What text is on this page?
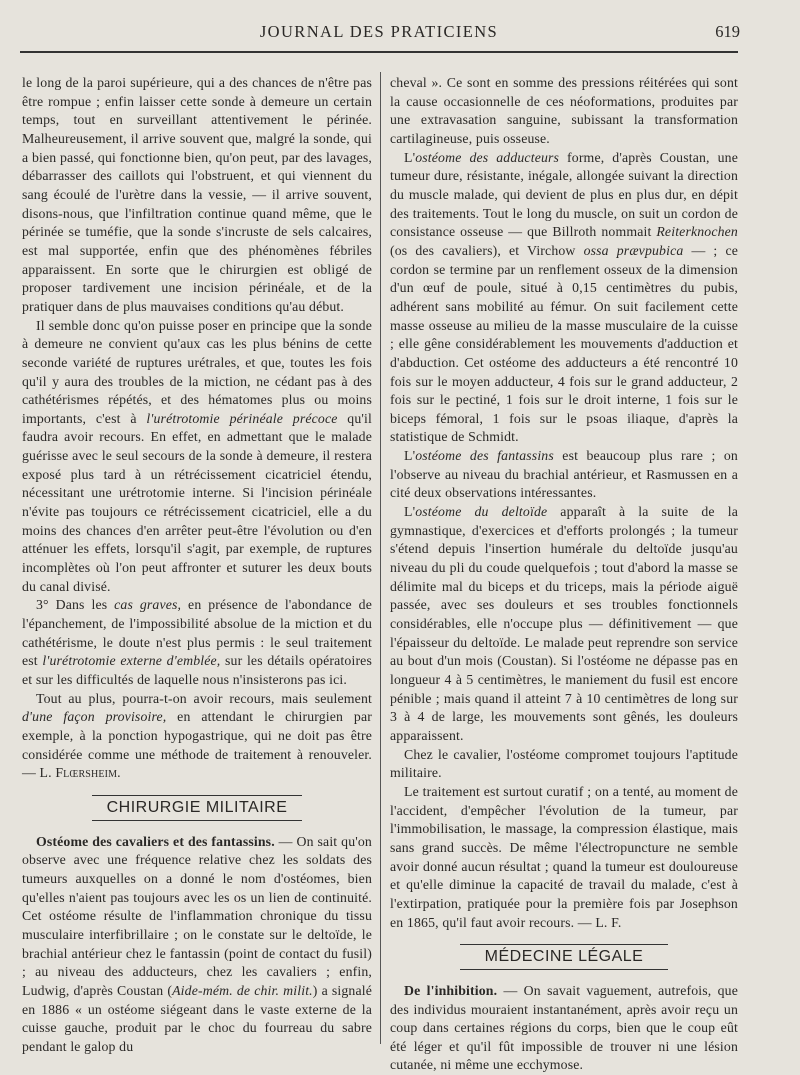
JOURNAL DES PRATICIENS	619

le long de la paroi supérieure, qui a des chances de n'être pas être rompue ; enfin laisser cette sonde à demeure un certain temps, tout en surveillant attentivement le périnée. Malheureusement, il arrive souvent que, malgré la sonde, qui a bien passé, qui fonctionne bien, qu'on peut, par des lavages, débarrasser des caillots qui l'obstruent, et qui viennent du sang écoulé de l'urètre dans la vessie, — il arrive souvent, disons-nous, que l'infiltration continue quand même, que le périnée se tuméfie, que la sonde s'incruste de sels calcaires, est mal supportée, enfin que des phénomènes fébriles apparaissent. En sorte que le chirurgien est obligé de proposer tardivement une incision périnéale, et de la pratiquer dans de plus mauvaises conditions qu'au début.

Il semble donc qu'on puisse poser en principe que la sonde à demeure ne convient qu'aux cas les plus bénins de cette seconde variété de ruptures urétrales, et que, toutes les fois qu'il y aura des troubles de la miction, ne cédant pas à des cathétérismes répétés, et des hématomes plus ou moins importants, c'est à l'urétrotomie périnéale précoce qu'il faudra avoir recours. En effet, en admettant que le malade guérisse avec le seul secours de la sonde à demeure, il restera exposé plus tard à un rétrécissement cicatriciel étendu, nécessitant une urétrotomie interne. Si l'incision périnéale n'évite pas toujours ce rétrécissement cicatriciel, elle a du moins des chances d'en arrêter peut-être l'évolution ou d'en atténuer les effets, lorsqu'il s'agit, par exemple, de ruptures incomplètes où l'on peut affronter et suturer les deux bouts du canal divisé.

3° Dans les cas graves, en présence de l'abondance de l'épanchement, de l'impossibilité absolue de la miction et du cathétérisme, le doute n'est plus permis : le seul traitement est l'urétrotomie externe d'emblée, sur les détails opératoires et sur les difficultés de laquelle nous n'insisterons pas ici.

Tout au plus, pourra-t-on avoir recours, mais seulement d'une façon provisoire, en attendant le chirurgien par exemple, à la ponction hypogastrique, qui ne doit pas être considérée comme une méthode de traitement à renouveler. — L. Flœrsheim.

CHIRURGIE MILITAIRE

Ostéome des cavaliers et des fantassins. — On sait qu'on observe avec une fréquence relative chez les soldats des tumeurs auxquelles on a donné le nom d'ostéomes, bien qu'elles n'aient pas toujours avec les os un lien de continuité. Cet ostéome résulte de l'inflammation chronique du tissu musculaire interfibrillaire ; on le constate sur le deltoïde, le brachial antérieur chez le fantassin (point de contact du fusil) ; au niveau des adducteurs, chez les cavaliers ; enfin, Ludwig, d'après Coustan (Aide-mém. de chir. milit.) a signalé en 1886 « un ostéome siégeant dans le vaste externe de la cuisse gauche, produit par le choc du fourreau du sabre pendant le galop du

cheval ». Ce sont en somme des pressions réitérées qui sont la cause occasionnelle de ces néoformations, produites par une extravasation sanguine, subissant la transformation cartilagineuse, puis osseuse.

L'ostéome des adducteurs forme, d'après Coustan, une tumeur dure, résistante, inégale, allongée suivant la direction du muscle malade, qui devient de plus en plus dur, en dépit des traitements. Tout le long du muscle, on suit un cordon de consistance osseuse — que Billroth nommait Reiterknochen (os des cavaliers), et Virchow ossa prævpubica — ; ce cordon se termine par un renflement osseux de la dimension d'un œuf de poule, situé à 0,15 centimètres du pubis, adhérent sans mobilité au fémur. On suit facilement cette masse osseuse au milieu de la masse musculaire de la cuisse ; elle gêne considérablement les mouvements d'adduction et d'abduction. Cet ostéome des adducteurs a été rencontré 10 fois sur le moyen adducteur, 4 fois sur le grand adducteur, 2 fois sur le pectiné, 1 fois sur le droit interne, 1 fois sur le biceps fémoral, 1 fois sur le psoas iliaque, d'après la statistique de Schmidt.

L'ostéome des fantassins est beaucoup plus rare ; on l'observe au niveau du brachial antérieur, et Rasmussen en a cité deux observations intéressantes.

L'ostéome du deltoïde apparaît à la suite de la gymnastique, d'exercices et d'efforts prolongés ; la tumeur s'étend depuis l'insertion humérale du deltoïde jusqu'au niveau du pli du coude quelquefois ; tout d'abord la masse se délimite mal du biceps et du triceps, mais la période aiguë passée, avec ses douleurs et ses troubles fonctionnels considérables, elle n'occupe plus — définitivement — que l'épaisseur du deltoïde. Le malade peut reprendre son service au bout d'un mois (Coustan). Si l'ostéome ne dépasse pas en longueur 4 à 5 centimètres, le maniement du fusil est encore pénible ; mais quand il atteint 7 à 10 centimètres de long sur 3 à 4 de large, les mouvements sont gênés, les douleurs apparaissent.

Chez le cavalier, l'ostéome compromet toujours l'aptitude militaire.

Le traitement est surtout curatif ; on a tenté, au moment de l'accident, d'empêcher l'évolution de la tumeur, par l'immobilisation, le massage, la compression élastique, mais sans grand succès. De même l'électropuncture ne semble avoir donné aucun résultat ; quand la tumeur est douloureuse et qu'elle diminue la capacité de travail du malade, c'est à l'extirpation, pratiquée pour la première fois par Josephson en 1865, qu'il faut avoir recours. — L. F.

MÉDECINE LÉGALE

De l'inhibition. — On savait vaguement, autrefois, que des individus mouraient instantanément, après avoir reçu un coup dans certaines régions du corps, bien que le coup eût été léger et qu'il fût impossible de trouver ni une lésion cutanée, ni même une ecchymose.
